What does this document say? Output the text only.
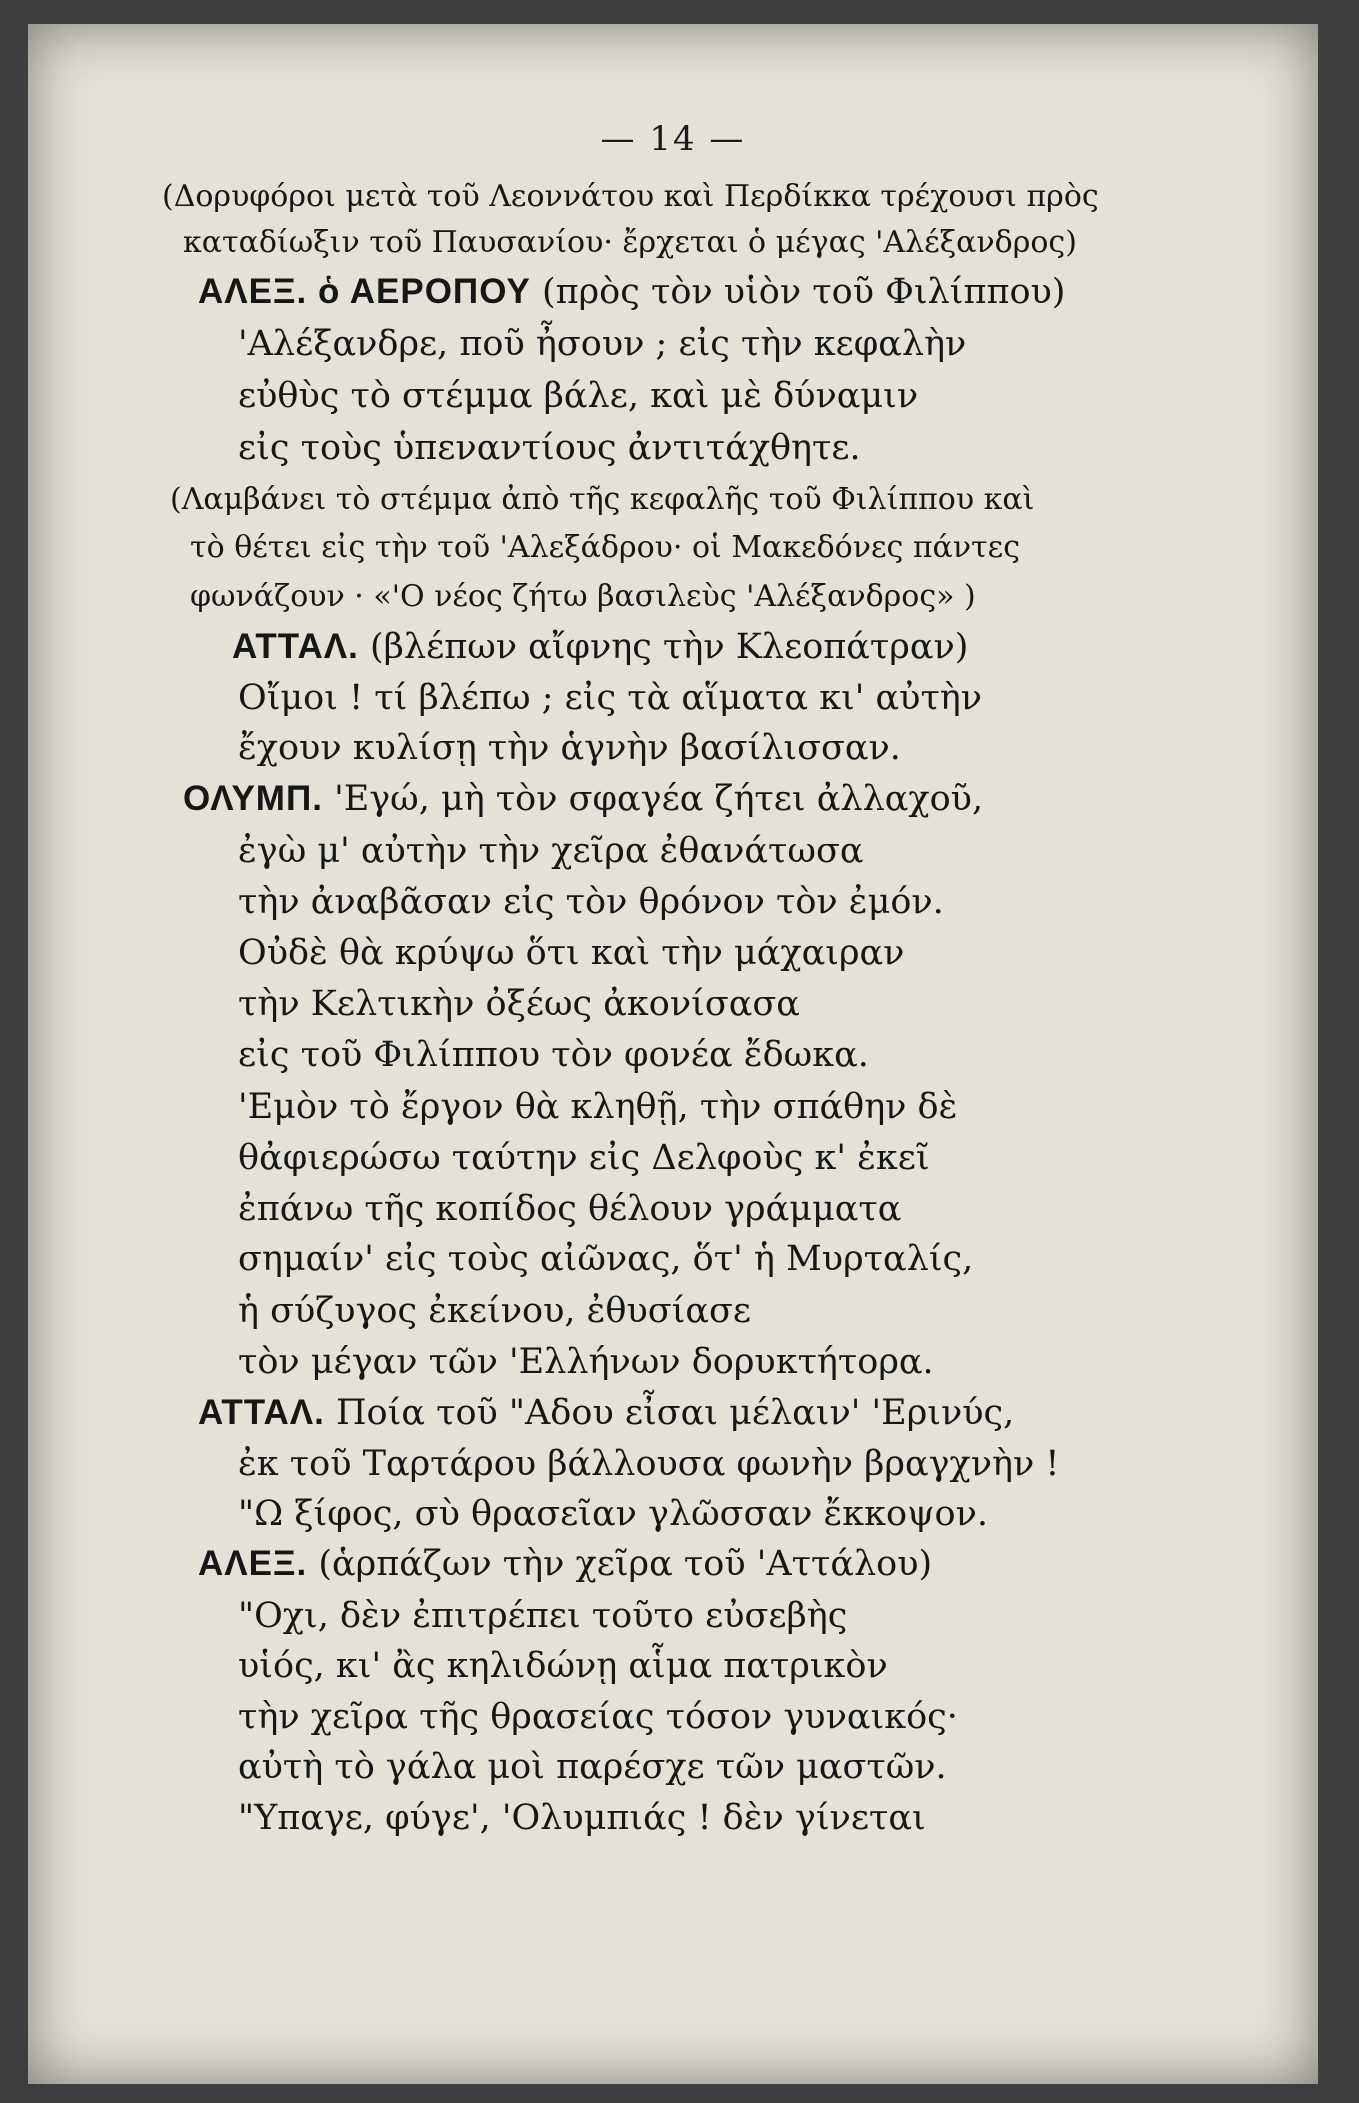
— 14 —
(Δορυφόροι μετὰ τοῦ Λεοννάτου καὶ Περδίκκα τρέχουσι πρὸς
καταδίωξιν τοῦ Παυσανίου· ἔρχεται ὁ μέγας 'Αλέξανδρος)
ΑΛΕΞ. ὁ ΑΕΡΟΠΟΥ (πρὸς τὸν υἱὸν τοῦ Φιλίππου)
'Αλέξανδρε, ποῦ ἦσουν ; εἰς τὴν κεφαλὴν
εὐθὺς τὸ στέμμα βάλε, καὶ μὲ δύναμιν
εἰς τοὺς ὑπεναντίους ἀντιτάχθητε.
(Λαμβάνει τὸ στέμμα ἀπὸ τῆς κεφαλῆς τοῦ Φιλίππου καὶ
τὸ θέτει εἰς τὴν τοῦ 'Αλεξάδρου· οἱ Μακεδόνες πάντες
φωνάζουν · «'Ο νέος ζήτω βασιλεὺς 'Αλέξανδρος» )
ΑΤΤΑΛ. (βλέπων αἴφνης τὴν Κλεοπάτραν)
Οἴμοι ! τί βλέπω ; εἰς τὰ αἵματα κι' αὐτὴν
ἔχουν κυλίσῃ τὴν ἁγνὴν βασίλισσαν.
ΟΛΥΜΠ. 'Εγώ, μὴ τὸν σφαγέα ζήτει ἀλλαχοῦ,
ἐγὼ μ' αὐτὴν τὴν χεῖρα ἐθανάτωσα
τὴν ἀναβᾶσαν εἰς τὸν θρόνον τὸν ἐμόν.
Οὐδὲ θὰ κρύψω ὅτι καὶ τὴν μάχαιραν
τὴν Κελτικὴν ὀξέως ἀκονίσασα
εἰς τοῦ Φιλίππου τὸν φονέα ἔδωκα.
'Εμὸν τὸ ἔργον θὰ κληθῇ, τὴν σπάθην δὲ
θἀφιερώσω ταύτην εἰς Δελφοὺς κ' ἐκεῖ
ἐπάνω τῆς κοπίδος θέλουν γράμματα
σημαίν' εἰς τοὺς αἰῶνας, ὅτ' ἡ Μυρταλίς,
ἡ σύζυγος ἐκείνου, ἐθυσίασε
τὸν μέγαν τῶν 'Ελλήνων δορυκτήτορα.
ΑΤΤΑΛ. Ποία τοῦ "Αδου εἶσαι μέλαιν' 'Ερινύς,
ἐκ τοῦ Ταρτάρου βάλλουσα φωνὴν βραγχνὴν !
"Ω ξίφος, σὺ θρασεῖαν γλῶσσαν ἔκκοψον.
ΑΛΕΞ. (ἁρπάζων τὴν χεῖρα τοῦ 'Αττάλου)
"Οχι, δὲν ἐπιτρέπει τοῦτο εὐσεβὴς
υἱός, κι' ἂς κηλιδώνῃ αἷμα πατρικὸν
τὴν χεῖρα τῆς θρασείας τόσον γυναικός·
αὐτὴ τὸ γάλα μοὶ παρέσχε τῶν μαστῶν.
"Υπαγε, φύγε', 'Ολυμπιάς ! δὲν γίνεται
